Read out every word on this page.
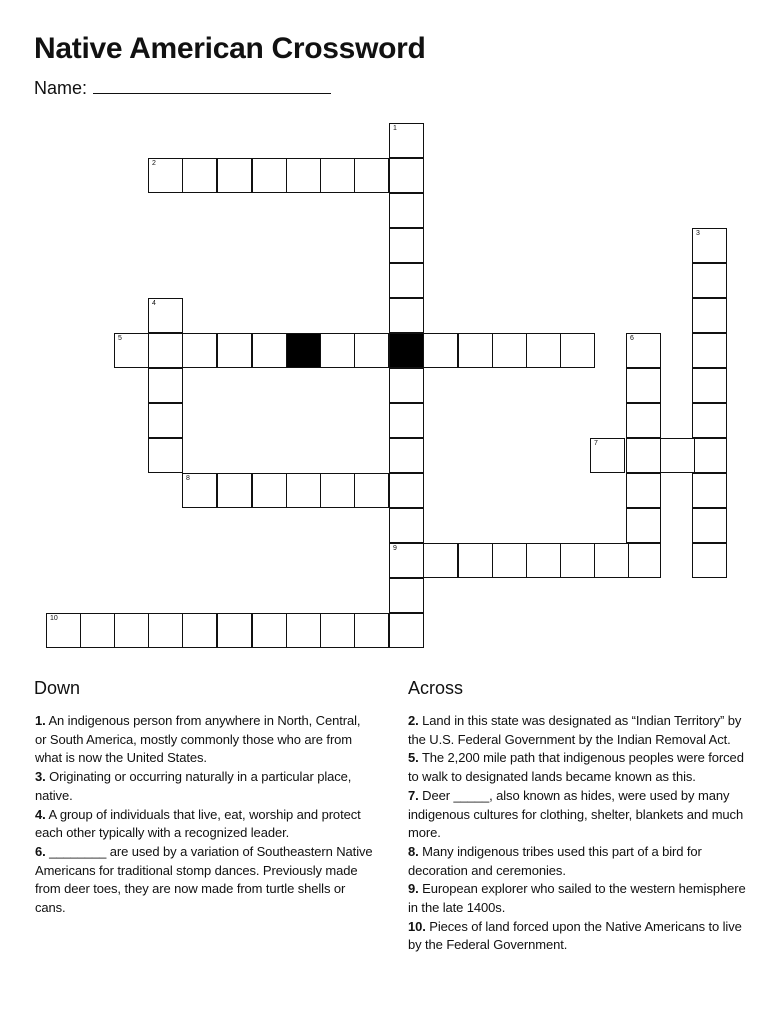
Native American Crossword
Name:
1
9
2
3
4
5	6
7
8
10
Down	Across
1. An indigenous person from anywhere in North, Central, or South America, mostly commonly those who are from what is now the United States.
3. Originating or occurring naturally in a particular place, native.
4. A group of individuals that live, eat, worship and protect each other typically with a recognized leader.
6. ________ are used by a variation of Southeastern Native Americans for traditional stomp dances. Previously made from deer toes, they are now made from turtle shells or cans.
2. Land in this state was designated as “Indian Territory” by the U.S. Federal Government by the Indian Removal Act.
5. The 2,200 mile path that indigenous peoples were forced to walk to designated lands became known as this.
7. Deer _____, also known as hides, were used by many indigenous cultures for clothing, shelter, blankets and much more.
8. Many indigenous tribes used this part of a bird for decoration and ceremonies.
9. European explorer who sailed to the western hemisphere in the late 1400s.
10. Pieces of land forced upon the Native Americans to live by the Federal Government.
